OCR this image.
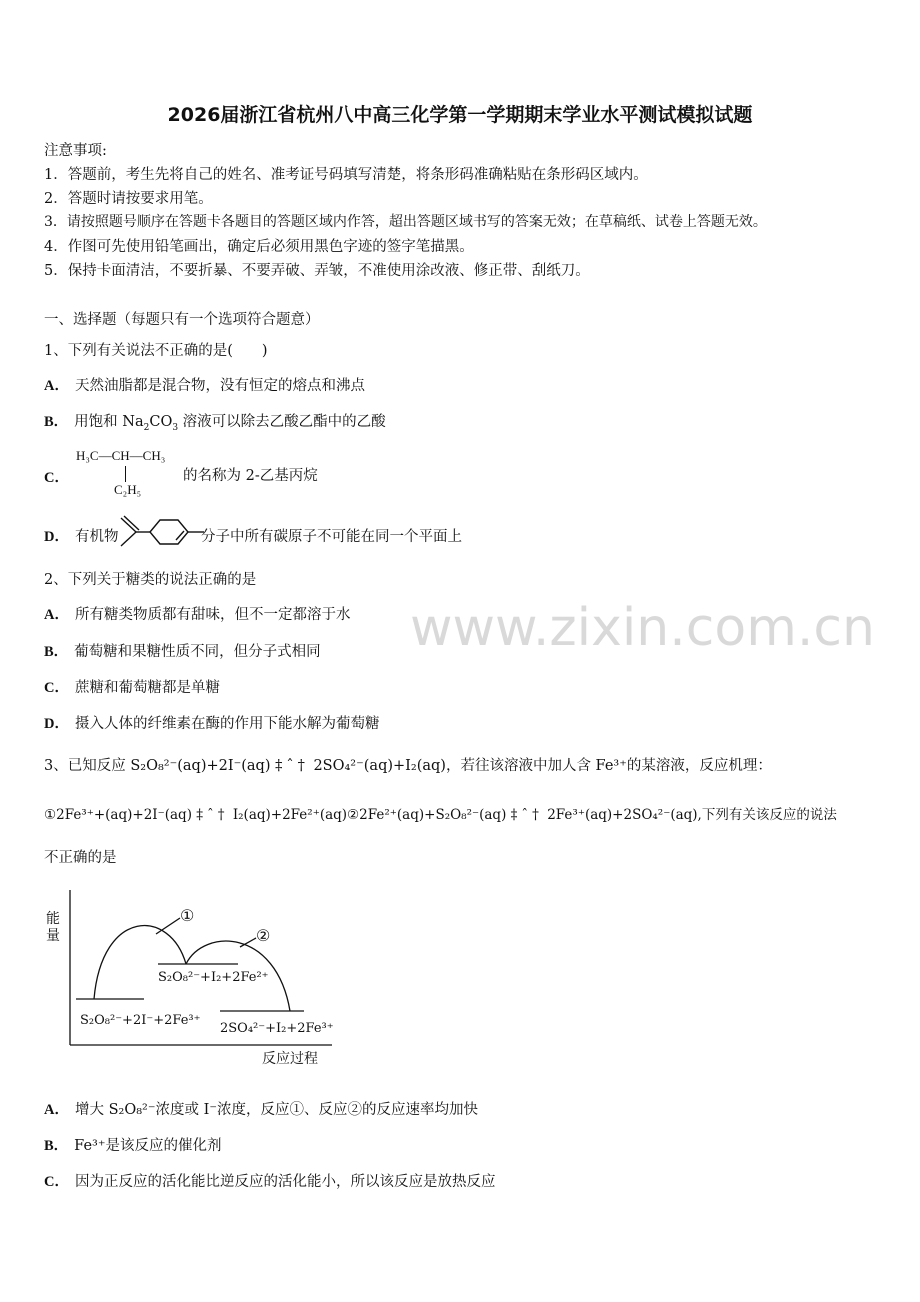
2026届浙江省杭州八中高三化学第一学期期末学业水平测试模拟试题
注意事项:
1．答题前，考生先将自己的姓名、准考证号码填写清楚，将条形码准确粘贴在条形码区域内。
2．答题时请按要求用笔。
3．请按照题号顺序在答题卡各题目的答题区域内作答，超出答题区域书写的答案无效；在草稿纸、试卷上答题无效。
4．作图可先使用铅笔画出，确定后必须用黑色字迹的签字笔描黑。
5．保持卡面清洁，不要折暴、不要弄破、弄皱，不准使用涂改液、修正带、刮纸刀。
一、选择题（每题只有一个选项符合题意）
1、下列有关说法不正确的是(　　)
A． 天然油脂都是混合物，没有恒定的熔点和沸点
B． 用饱和 $Na_2CO_3$ 溶液可以除去乙酸乙酯中的乙酸
C．
H₃C—CH—CH₃
C₂H₅
的名称为 2-乙基丙烷
D． 有机物	分子中所有碳原子不可能在同一个平面上
2、下列关于糖类的说法正确的是
A． 所有糖类物质都有甜味，但不一定都溶于水
B． 葡萄糖和果糖性质不同，但分子式相同
C． 蔗糖和葡萄糖都是单糖
D． 摄入人体的纤维素在酶的作用下能水解为葡萄糖
3、已知反应 S₂O₈²⁻(aq)+2I⁻(aq) ‡ˆ† 2SO₄²⁻(aq)+I₂(aq)，若往该溶液中加人含 Fe³⁺的某溶液，反应机理：
①2Fe³⁺+(aq)+2I⁻(aq) ‡ˆ† I₂(aq)+2Fe²⁺(aq)②2Fe²⁺(aq)+S₂O₈²⁻(aq) ‡ˆ† 2Fe³⁺(aq)+2SO₄²⁻(aq),下列有关该反应的说法
不正确的是
能
量
①
②
S₂O₈²⁻+I₂+2Fe²⁺
S₂O₈²⁻+2I⁻+2Fe³⁺
2SO₄²⁻+I₂+2Fe³⁺
反应过程
A． 增大 S₂O₈²⁻浓度或 I⁻浓度，反应①、反应②的反应速率均加快
B． Fe³⁺是该反应的催化剂
C． 因为正反应的活化能比逆反应的活化能小，所以该反应是放热反应
www.zixin.com.cn
